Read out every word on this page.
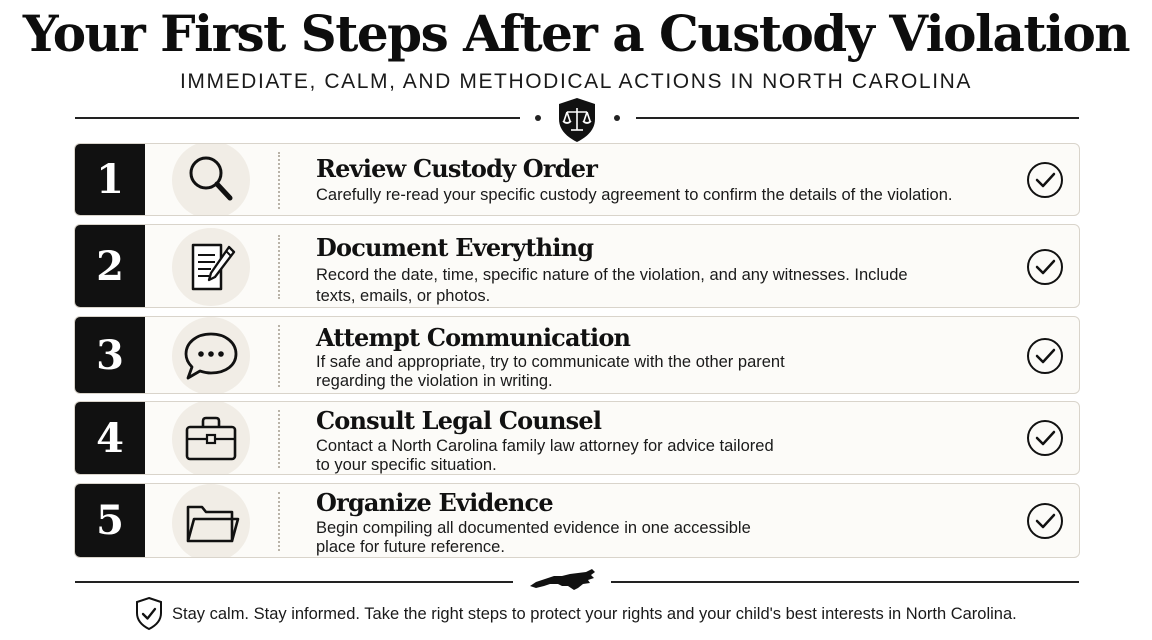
Your First Steps After a Custody Violation
IMMEDIATE, CALM, AND METHODICAL ACTIONS IN NORTH CAROLINA
1	Review Custody Order
Carefully re-read your specific custody agreement to confirm the details of the violation.
2	Document Everything
Record the date, time, specific nature of the violation, and any witnesses. Include texts, emails, or photos.
3	Attempt Communication
If safe and appropriate, try to communicate with the other parent regarding the violation in writing.
4	Consult Legal Counsel
Contact a North Carolina family law attorney for advice tailored to your specific situation.
5	Organize Evidence
Begin compiling all documented evidence in one accessible place for future reference.
Stay calm. Stay informed. Take the right steps to protect your rights and your child's best interests in North Carolina.
